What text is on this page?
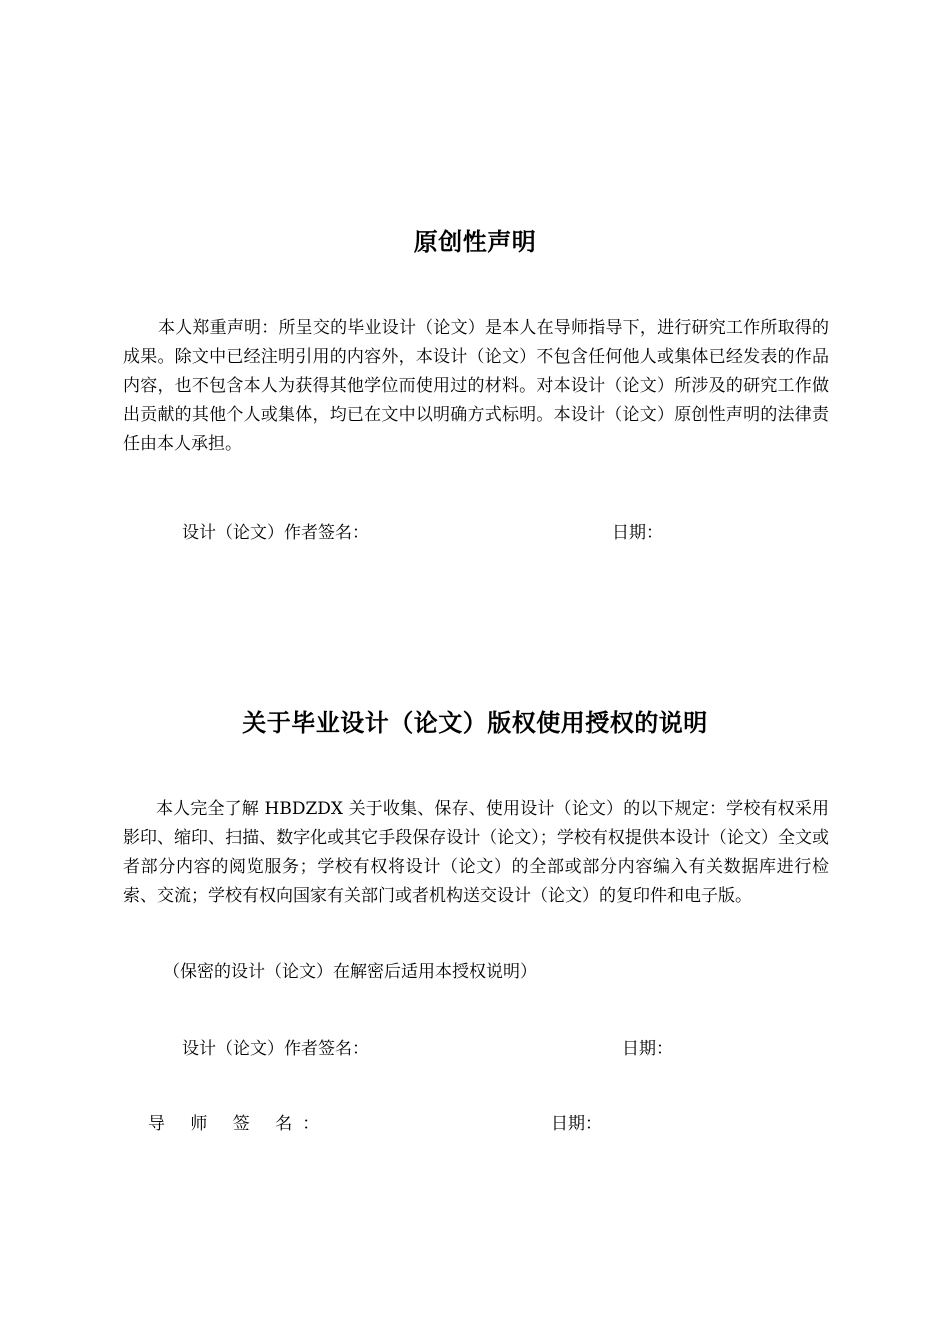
原创性声明
本人郑重声明：所呈交的毕业设计（论文）是本人在导师指导下，进行研究工作所取得的成果。除文中已经注明引用的内容外，本设计（论文）不包含任何他人或集体已经发表的作品内容，也不包含本人为获得其他学位而使用过的材料。对本设计（论文）所涉及的研究工作做出贡献的其他个人或集体，均已在文中以明确方式标明。本设计（论文）原创性声明的法律责任由本人承担。
设计（论文）作者签名：	日期：
关于毕业设计（论文）版权使用授权的说明
本人完全了解 HBDZDX 关于收集、保存、使用设计（论文）的以下规定：学校有权采用影印、缩印、扫描、数字化或其它手段保存设计（论文）；学校有权提供本设计（论文）全文或者部分内容的阅览服务；学校有权将设计（论文）的全部或部分内容编入有关数据库进行检索、交流；学校有权向国家有关部门或者机构送交设计（论文）的复印件和电子版。
（保密的设计（论文）在解密后适用本授权说明）
设计（论文）作者签名：	日期：
导 师 签 名：	日期：
